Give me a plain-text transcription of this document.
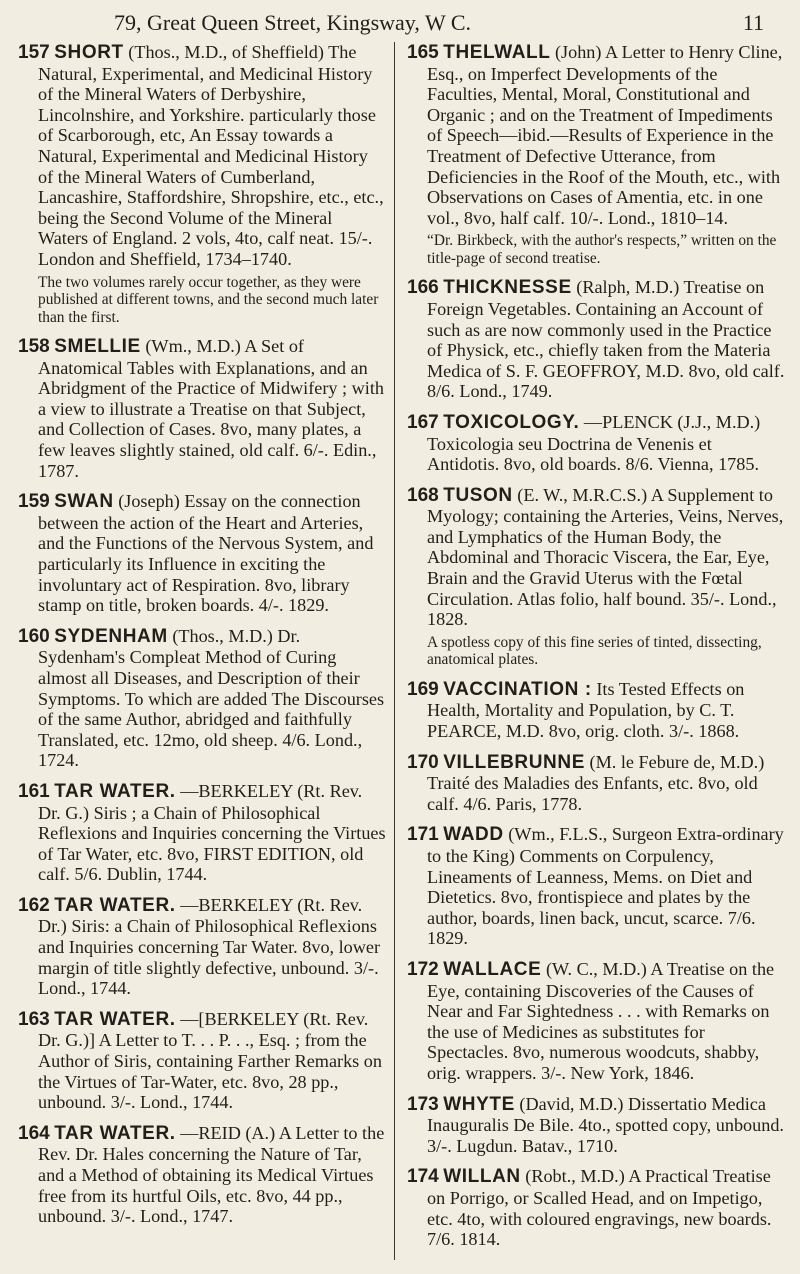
79, Great Queen Street, Kingsway, W C.	11
157 SHORT (Thos., M.D., of Sheffield) The Natural, Experimental, and Medicinal History of the Mineral Waters of Derbyshire, Lincolnshire, and Yorkshire. particularly those of Scarborough, etc, An Essay towards a Natural, Experimental and Medicinal History of the Mineral Waters of Cumberland, Lancashire, Staffordshire, Shropshire, etc., etc., being the Second Volume of the Mineral Waters of England. 2 vols, 4to, calf neat. 15/-. London and Sheffield, 1734–1740.
The two volumes rarely occur together, as they were published at different towns, and the second much later than the first.
158 SMELLIE (Wm., M.D.) A Set of Anatomical Tables with Explanations, and an Abridgment of the Practice of Midwifery ; with a view to illustrate a Treatise on that Subject, and Collection of Cases. 8vo, many plates, a few leaves slightly stained, old calf. 6/-. Edin., 1787.
159 SWAN (Joseph) Essay on the connection between the action of the Heart and Arteries, and the Functions of the Nervous System, and particularly its Influence in exciting the involuntary act of Respiration. 8vo, library stamp on title, broken boards. 4/-. 1829.
160 SYDENHAM (Thos., M.D.) Dr. Sydenham's Compleat Method of Curing almost all Diseases, and Description of their Symptoms. To which are added The Discourses of the same Author, abridged and faithfully Translated, etc. 12mo, old sheep. 4/6. Lond., 1724.
161 TAR WATER. —BERKELEY (Rt. Rev. Dr. G.) Siris ; a Chain of Philosophical Reflexions and Inquiries concerning the Virtues of Tar Water, etc. 8vo, FIRST EDITION, old calf. 5/6. Dublin, 1744.
162 TAR WATER. —BERKELEY (Rt. Rev. Dr.) Siris: a Chain of Philosophical Reflexions and Inquiries concerning Tar Water. 8vo, lower margin of title slightly defective, unbound. 3/-. Lond., 1744.
163 TAR WATER. —[BERKELEY (Rt. Rev. Dr. G.)] A Letter to T. . . P. . ., Esq. ; from the Author of Siris, containing Farther Remarks on the Virtues of Tar-Water, etc. 8vo, 28 pp., unbound. 3/-. Lond., 1744.
164 TAR WATER. —REID (A.) A Letter to the Rev. Dr. Hales concerning the Nature of Tar, and a Method of obtaining its Medical Virtues free from its hurtful Oils, etc. 8vo, 44 pp., unbound. 3/-. Lond., 1747.
165 THELWALL (John) A Letter to Henry Cline, Esq., on Imperfect Developments of the Faculties, Mental, Moral, Constitutional and Organic ; and on the Treatment of Impediments of Speech—ibid.—Results of Experience in the Treatment of Defective Utterance, from Deficiencies in the Roof of the Mouth, etc., with Observations on Cases of Amentia, etc. in one vol., 8vo, half calf. 10/-. Lond., 1810–14.
“Dr. Birkbeck, with the author's respects,” written on the title-page of second treatise.
166 THICKNESSE (Ralph, M.D.) Treatise on Foreign Vegetables. Containing an Account of such as are now commonly used in the Practice of Physick, etc., chiefly taken from the Materia Medica of S. F. GEOFFROY, M.D. 8vo, old calf. 8/6. Lond., 1749.
167 TOXICOLOGY. —PLENCK (J.J., M.D.) Toxicologia seu Doctrina de Venenis et Antidotis. 8vo, old boards. 8/6. Vienna, 1785.
168 TUSON (E. W., M.R.C.S.) A Supplement to Myology; containing the Arteries, Veins, Nerves, and Lymphatics of the Human Body, the Abdominal and Thoracic Viscera, the Ear, Eye, Brain and the Gravid Uterus with the Fœtal Circulation. Atlas folio, half bound. 35/-. Lond., 1828.
A spotless copy of this fine series of tinted, dissecting, anatomical plates.
169 VACCINATION : Its Tested Effects on Health, Mortality and Population, by C. T. PEARCE, M.D. 8vo, orig. cloth. 3/-. 1868.
170 VILLEBRUNNE (M. le Febure de, M.D.) Traité des Maladies des Enfants, etc. 8vo, old calf. 4/6. Paris, 1778.
171 WADD (Wm., F.L.S., Surgeon Extra-ordinary to the King) Comments on Corpulency, Lineaments of Leanness, Mems. on Diet and Dietetics. 8vo, frontispiece and plates by the author, boards, linen back, uncut, scarce. 7/6. 1829.
172 WALLACE (W. C., M.D.) A Treatise on the Eye, containing Discoveries of the Causes of Near and Far Sightedness . . . with Remarks on the use of Medicines as substitutes for Spectacles. 8vo, numerous woodcuts, shabby, orig. wrappers. 3/-. New York, 1846.
173 WHYTE (David, M.D.) Dissertatio Medica Inauguralis De Bile. 4to., spotted copy, unbound. 3/-. Lugdun. Batav., 1710.
174 WILLAN (Robt., M.D.) A Practical Treatise on Porrigo, or Scalled Head, and on Impetigo, etc. 4to, with coloured engravings, new boards. 7/6. 1814.
